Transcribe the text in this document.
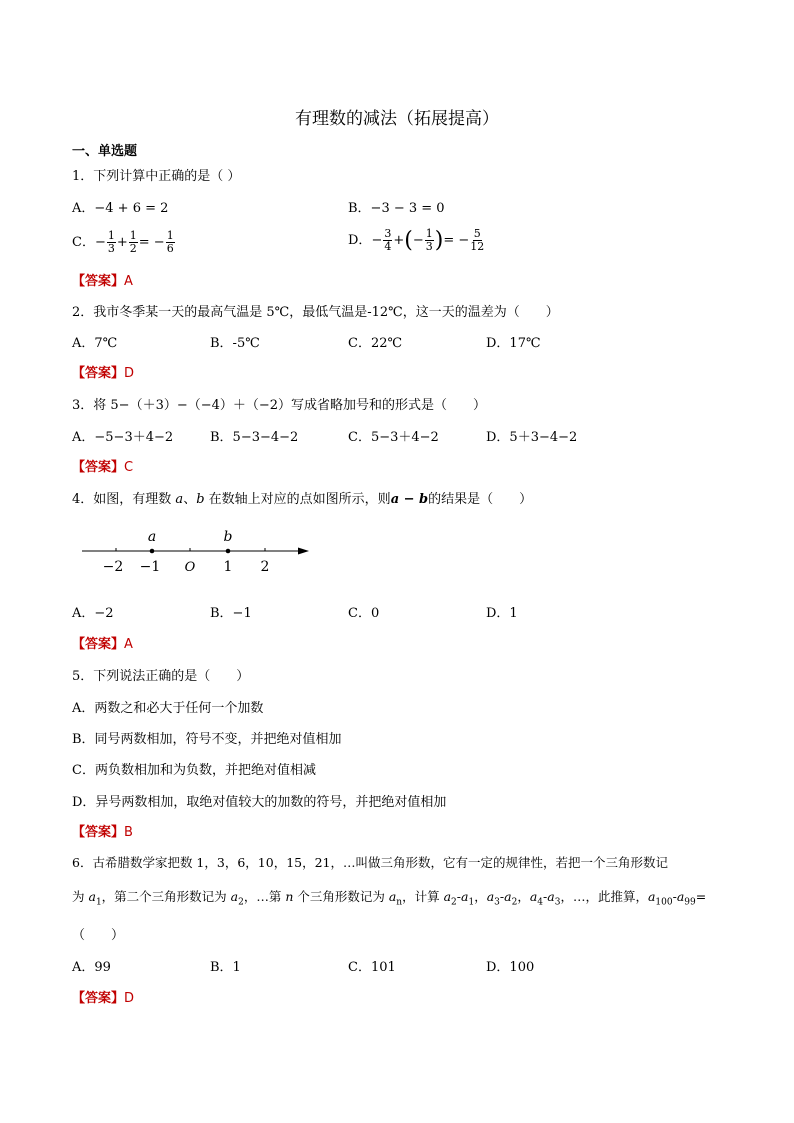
有理数的减法（拓展提高）
一、单选题
1．下列计算中正确的是（ ）
A．−4 + 6 = 2	B．−3 − 3 = 0
C．− $\frac{1}{3} + \frac{1}{2}$ = − $\frac{1}{6}$	D．− $\frac{3}{4}$ +(− $\frac{1}{3}$ )= − $\frac{5}{12}$
【答案】A
2．我市冬季某一天的最高气温是 5℃，最低气温是-12℃，这一天的温差为（　　）
A．7℃	B．-5℃	C．22℃	D．17℃
【答案】D
3．将 5−（＋3）−（−4）＋（−2）写成省略加号和的形式是（　　）
A．−5−3＋4−2	B．5−3−4−2	C．5−3＋4−2	D．5＋3−4−2
【答案】C
4．如图，有理数 a、b 在数轴上对应的点如图所示，则a − b的结果是（　　）
a	b
−2 −1 O 1 2
A．−2	B．−1	C．0	D．1
【答案】A
5．下列说法正确的是（　　）
A．两数之和必大于任何一个加数
B．同号两数相加，符号不变，并把绝对值相加
C．两负数相加和为负数，并把绝对值相减
D．异号两数相加，取绝对值较大的加数的符号，并把绝对值相加
【答案】B
6．古希腊数学家把数 1，3，6，10，15，21，…叫做三角形数，它有一定的规律性，若把一个三角形数记
为 $a_1$，第二个三角形数记为 $a_2$，…第 n 个三角形数记为 $a_n$，计算 $a_2-a_1$，$a_3-a_2$，$a_4-a_3$，…，此推算，$a_{100}-a_{99}=$
（　　）
A．99	B．1	C．101	D．100
【答案】D
